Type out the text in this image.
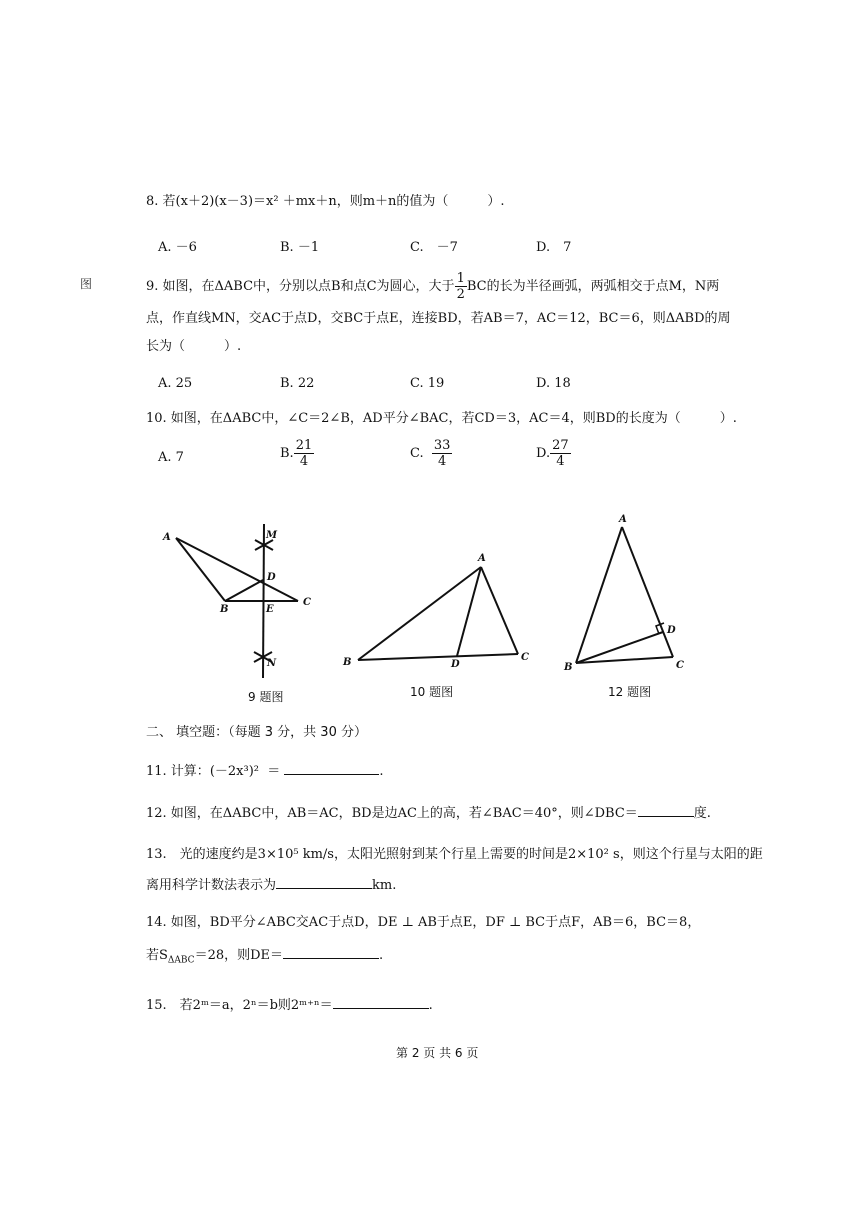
图
8. 若(x＋2)(x－3)＝x² ＋mx＋n，则m＋n的值为（　　　）.
A. －6	B. －1	C.　－7	D.　7
9. 如图，在ΔABC中，分别以点B和点C为圆心，大于 $\frac{1}{2}$ BC的长为半径画弧，两弧相交于点M，N两
点，作直线MN，交AC于点D，交BC于点E，连接BD，若AB＝7，AC＝12，BC＝6，则ΔABD的周
长为（　　　）.
A. 25	B. 22	C. 19	D. 18
10. 如图，在ΔABC中，∠C＝2∠B，AD平分∠BAC，若CD＝3，AC＝4，则BD的长度为（　　　）.
A. 7	B. $\frac{21}{4}$	C. $\frac{33}{4}$	D. $\frac{27}{4}$
A	M
D
B	E
C
N
9 题图
A
B	D
C
10 题图
A
D
B	C
12 题图
二、 填空题：（每题 3 分，共 30 分）
11. 计算：(－2x³)² ＝	.
12. 如图，在ΔABC中，AB＝AC，BD是边AC上的高，若∠BAC＝40°，则∠DBC＝	度.
13.　光的速度约是3×10⁵ km/s，太阳光照射到某个行星上需要的时间是2×10² s，则这个行星与太阳的距
离用科学计数法表示为	km.
14. 如图，BD平分∠ABC交AC于点D，DE ⊥ AB于点E，DF ⊥ BC于点F，AB＝6，BC＝8，
若$S_{\Delta ABC}=28$，则DE＝	.
15.　若2ᵐ＝a，2ⁿ＝b则2ᵐ⁺ⁿ＝	.
第 2 页 共 6 页
